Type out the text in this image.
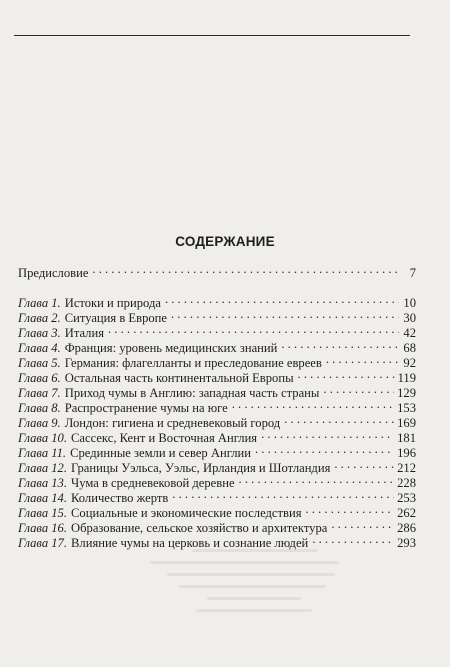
СОДЕРЖАНИЕ
Предисловие . . .	7
Глава 1. Истоки и природа . . .	10
Глава 2. Ситуация в Европе . . .	30
Глава 3. Италия . . .	42
Глава 4. Франция: уровень медицинских знаний . . .	68
Глава 5. Германия: флагелланты и преследование евреев . . .	92
Глава 6. Остальная часть континентальной Европы . . .	119
Глава 7. Приход чумы в Англию: западная часть страны . . .	129
Глава 8. Распространение чумы на юге . . .	153
Глава 9. Лондон: гигиена и средневековый город . . .	169
Глава 10. Сассекс, Кент и Восточная Англия . . .	181
Глава 11. Срединные земли и север Англии . . .	196
Глава 12. Границы Уэльса, Уэльс, Ирландия и Шотландия . . .	212
Глава 13. Чума в средневековой деревне . . .	228
Глава 14. Количество жертв . . .	253
Глава 15. Социальные и экономические последствия . . .	262
Глава 16. Образование, сельское хозяйство и архитектура . . .	286
Глава 17. Влияние чумы на церковь и сознание людей . . .	293
